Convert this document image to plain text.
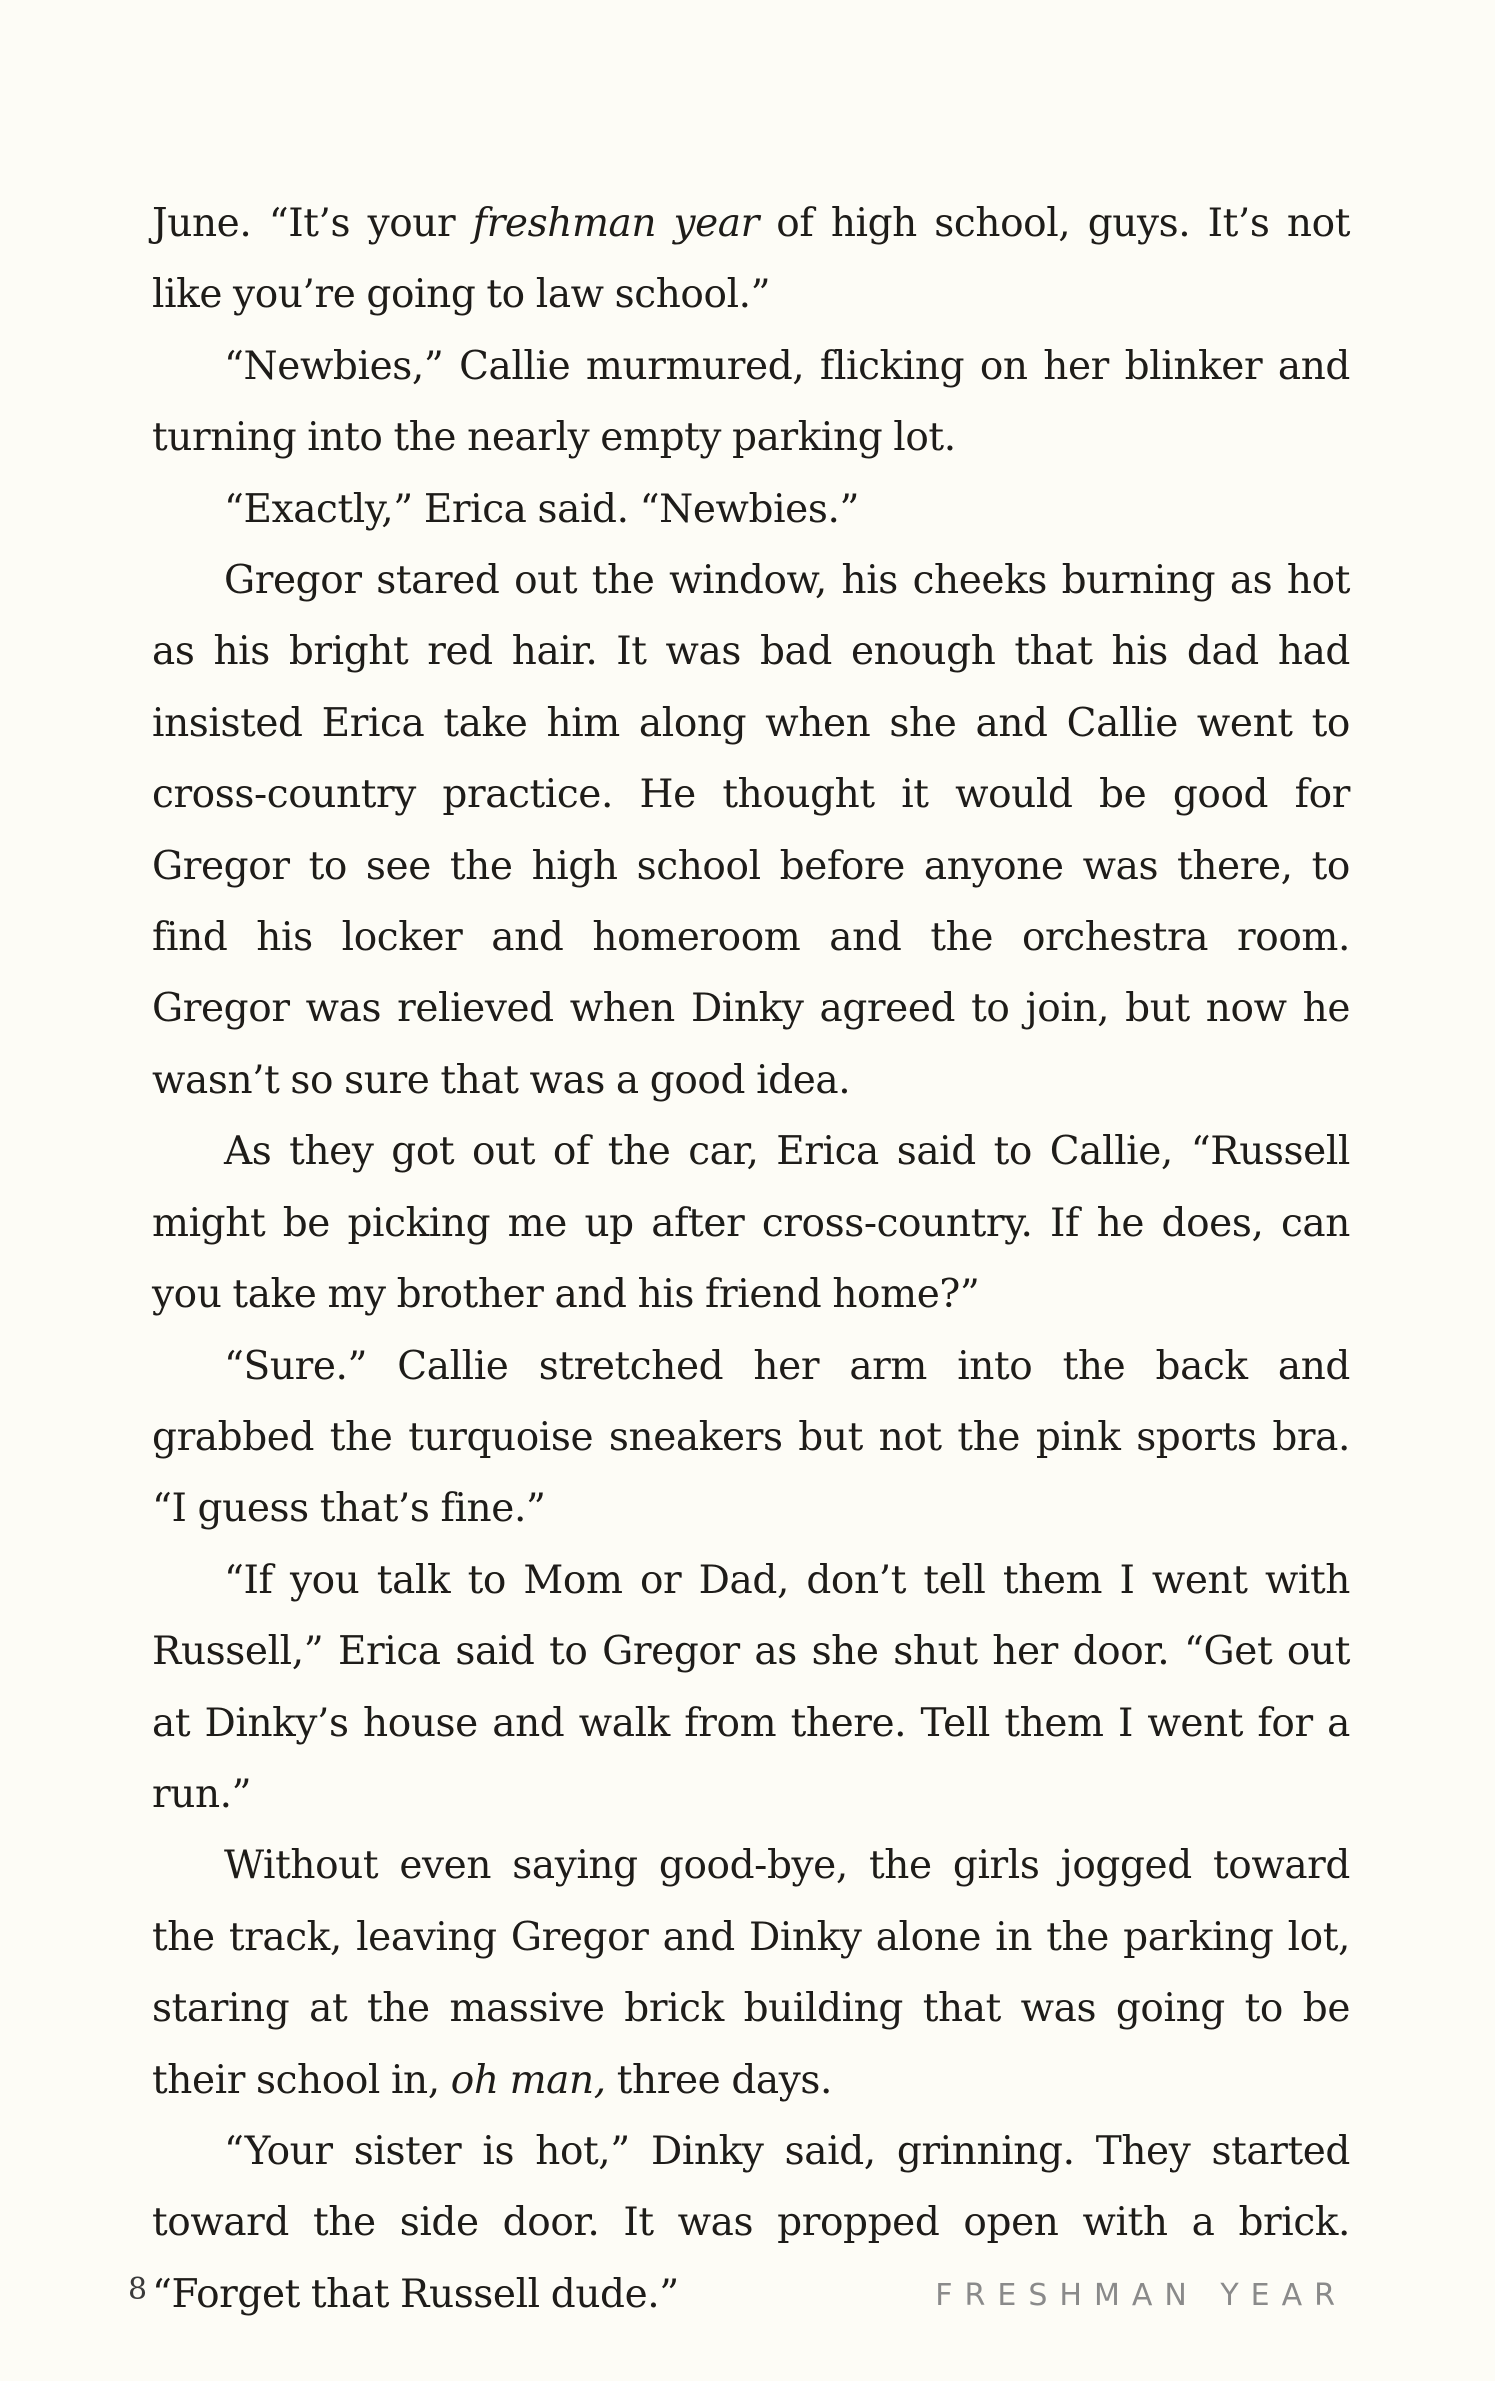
June. “It’s your freshman year of high school, guys. It’s not like you’re going to law school.”

“Newbies,” Callie murmured, flicking on her blinker and turning into the nearly empty parking lot.

“Exactly,” Erica said. “Newbies.”

Gregor stared out the window, his cheeks burning as hot as his bright red hair. It was bad enough that his dad had insisted Erica take him along when she and Callie went to cross-country practice. He thought it would be good for Gregor to see the high school before anyone was there, to find his locker and homeroom and the orchestra room. Gregor was relieved when Dinky agreed to join, but now he wasn’t so sure that was a good idea.

As they got out of the car, Erica said to Callie, “Russell might be picking me up after cross-country. If he does, can you take my brother and his friend home?”

“Sure.” Callie stretched her arm into the back and grabbed the turquoise sneakers but not the pink sports bra. “I guess that’s fine.”

“If you talk to Mom or Dad, don’t tell them I went with Russell,” Erica said to Gregor as she shut her door. “Get out at Dinky’s house and walk from there. Tell them I went for a run.”

Without even saying good-bye, the girls jogged toward the track, leaving Gregor and Dinky alone in the parking lot, staring at the massive brick building that was going to be their school in, oh man, three days.

“Your sister is hot,” Dinky said, grinning. They started toward the side door. It was propped open with a brick. “Forget that Russell dude.”

8	FRESHMAN YEAR
